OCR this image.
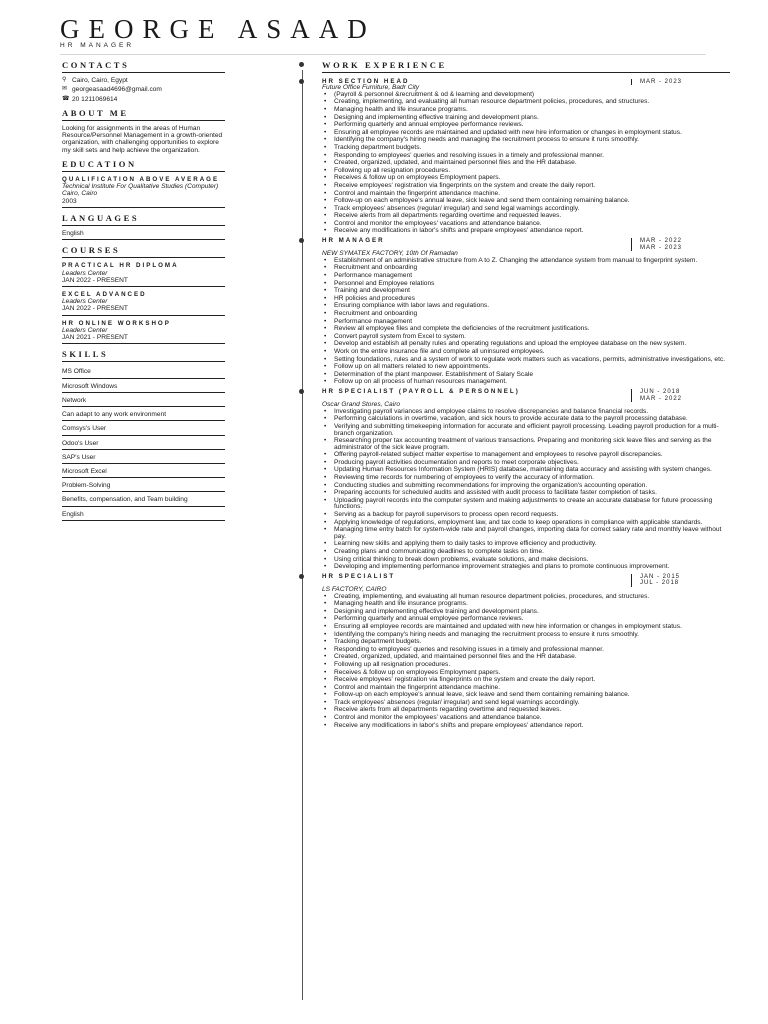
GEORGE ASAAD
HR MANAGER
CONTACTS
⚲ Cairo, Cairo, Egypt
✉ georgeasaad4696@gmail.com
☎ 20 1211069614
ABOUT ME

Looking for assignments in the areas of Human Resource/Personnel Management in a growth-oriented organization, with challenging opportunities to explore my skill sets and help achieve the organization.

EDUCATION
QUALIFICATION ABOVE AVERAGE
Technical Institute For Qualitative Studies (Computer) Cairo, Cairo
2003
LANGUAGES
English
COURSES
PRACTICAL HR DIPLOMA
Leaders Center
JAN 2022 - PRESENT
EXCEL ADVANCED
Leaders Center
JAN 2022 - PRESENT
HR ONLINE WORKSHOP
Leaders Center
JAN 2021 - PRESENT
SKILLS
MS Office
Microsoft Windows
Network
Can adapt to any work environment
Comsys's User
Odoo's User
SAP's User
Microsoft Excel
Problem-Solving
Benefits, compensation, and Team building
English
WORK EXPERIENCE
HR SECTION HEAD	MAR - 2023
Future Office Furniture, Badr City
• (Payroll & personnel &recruitment & od & learning and development)
• Creating, implementing, and evaluating all human resource department policies, procedures, and structures.
• Managing health and life insurance programs.
• Designing and implementing effective training and development plans.
• Performing quarterly and annual employee performance reviews.
• Ensuring all employee records are maintained and updated with new hire information or changes in employment status.
• Identifying the company's hiring needs and managing the recruitment process to ensure it runs smoothly.
• Tracking department budgets.
• Responding to employees' queries and resolving issues in a timely and professional manner.
• Created, organized, updated, and maintained personnel files and the HR database.
• Following up all resignation procedures.
• Receives & follow up on employees Employment papers.
• Receive employees' registration via fingerprints on the system and create the daily report.
• Control and maintain the fingerprint attendance machine.
• Follow-up on each employee's annual leave, sick leave and send them containing remaining balance.
• Track employees' absences (regular/ irregular) and send legal warnings accordingly.
• Receive alerts from all departments regarding overtime and requested leaves.
• Control and monitor the employees' vacations and attendance balance.
• Receive any modifications in labor's shifts and prepare employees' attendance report.
HR MANAGER	MAR - 2022
MAR - 2023
NEW SYMATEX FACTORY, 10th Of Ramadan
• Establishment of an administrative structure from A to Z. Changing the attendance system from manual to fingerprint system.
• Recruitment and onboarding
• Performance management
• Personnel and Employee relations
• Training and development
• HR policies and procedures
• Ensuring compliance with labor laws and regulations.
• Recruitment and onboarding
• Performance management
• Review all employee files and complete the deficiencies of the recruitment justifications.
• Convert payroll system from Excel to system.
• Develop and establish all penalty rules and operating regulations and upload the employee database on the new system.
• Work on the entire insurance file and complete all uninsured employees.
• Setting foundations, rules and a system of work to regulate work matters such as vacations, permits, administrative investigations, etc.
• Follow up on all matters related to new appointments.
• Determination of the plant manpower. Establishment of Salary Scale
• Follow up on all process of human resources management.
HR SPECIALIST (PAYROLL & PERSONNEL)	JUN - 2018
MAR - 2022
Oscar Grand Stores, Cairo
• Investigating payroll variances and employee claims to resolve discrepancies and balance financial records.
• Performing calculations in overtime, vacation, and sick hours to provide accurate data to the payroll processing database.
• Verifying and submitting timekeeping information for accurate and efficient payroll processing. Leading payroll production for a multi-branch organization.
• Researching proper tax accounting treatment of various transactions. Preparing and monitoring sick leave files and serving as the administrator of the sick leave program.
• Offering payroll-related subject matter expertise to management and employees to resolve payroll discrepancies.
• Producing payroll activities documentation and reports to meet corporate objectives.
• Updating Human Resources Information System (HRIS) database, maintaining data accuracy and assisting with system changes.
• Reviewing time records for numbering of employees to verify the accuracy of information.
• Conducting studies and submitting recommendations for improving the organization's accounting operation.
• Preparing accounts for scheduled audits and assisted with audit process to facilitate faster completion of tasks.
• Uploading payroll records into the computer system and making adjustments to create an accurate database for future processing functions.
• Serving as a backup for payroll supervisors to process open record requests.
• Applying knowledge of regulations, employment law, and tax code to keep operations in compliance with applicable standards.
• Managing time entry batch for system-wide rate and payroll changes, importing data for correct salary rate and monthly leave without pay.
• Learning new skills and applying them to daily tasks to improve efficiency and productivity.
• Creating plans and communicating deadlines to complete tasks on time.
• Using critical thinking to break down problems, evaluate solutions, and make decisions.
• Developing and implementing performance improvement strategies and plans to promote continuous improvement.
HR SPECIALIST	JAN - 2015
JUL - 2018
LS FACTORY, CAIRO
• Creating, implementing, and evaluating all human resource department policies, procedures, and structures.
• Managing health and life insurance programs.
• Designing and implementing effective training and development plans.
• Performing quarterly and annual employee performance reviews.
• Ensuring all employee records are maintained and updated with new hire information or changes in employment status.
• Identifying the company's hiring needs and managing the recruitment process to ensure it runs smoothly.
• Tracking department budgets.
• Responding to employees' queries and resolving issues in a timely and professional manner.
• Created, organized, updated, and maintained personnel files and the HR database.
• Following up all resignation procedures.
• Receives & follow up on employees Employment papers.
• Receive employees' registration via fingerprints on the system and create the daily report.
• Control and maintain the fingerprint attendance machine.
• Follow-up on each employee's annual leave, sick leave and send them containing remaining balance.
• Track employees' absences (regular/ irregular) and send legal warnings accordingly.
• Receive alerts from all departments regarding overtime and requested leaves.
• Control and monitor the employees' vacations and attendance balance.
• Receive any modifications in labor's shifts and prepare employees' attendance report.
